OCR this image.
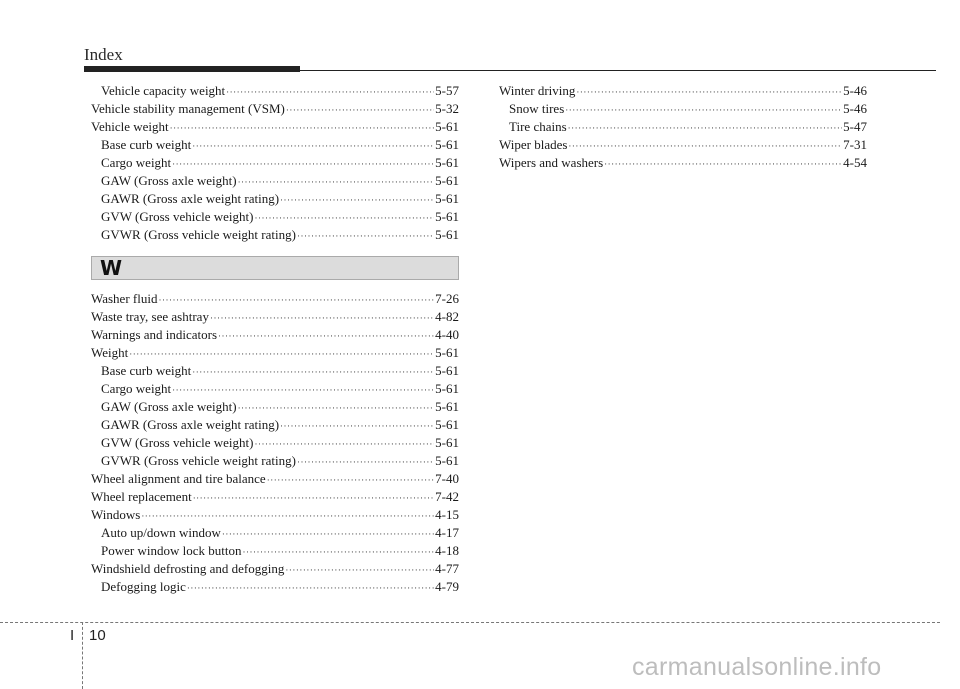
Index
Vehicle capacity weight ·····	5-57
Vehicle stability management (VSM) ·····	5-32
Vehicle weight ·····	5-61
Base curb weight ·····	5-61
Cargo weight ·····	5-61
GAW (Gross axle weight) ·····	5-61
GAWR (Gross axle weight rating) ·····	5-61
GVW (Gross vehicle weight) ·····	5-61
GVWR (Gross vehicle weight rating) ·····	5-61
W
Washer fluid ·····	7-26
Waste tray, see ashtray ·····	4-82
Warnings and indicators ·····	4-40
Weight ·····	5-61
Base curb weight ·····	5-61
Cargo weight ·····	5-61
GAW (Gross axle weight) ·····	5-61
GAWR (Gross axle weight rating) ·····	5-61
GVW (Gross vehicle weight) ·····	5-61
GVWR (Gross vehicle weight rating) ·····	5-61
Wheel alignment and tire balance ·····	7-40
Wheel replacement ·····	7-42
Windows ·····	4-15
Auto up/down window ·····	4-17
Power window lock button ·····	4-18
Windshield defrosting and defogging ·····	4-77
Defogging logic ·····	4-79
Winter driving ·····	5-46
Snow tires ·····	5-46
Tire chains ·····	5-47
Wiper blades ·····	7-31
Wipers and washers ·····	4-54
I 10
carmanualsonline.info
